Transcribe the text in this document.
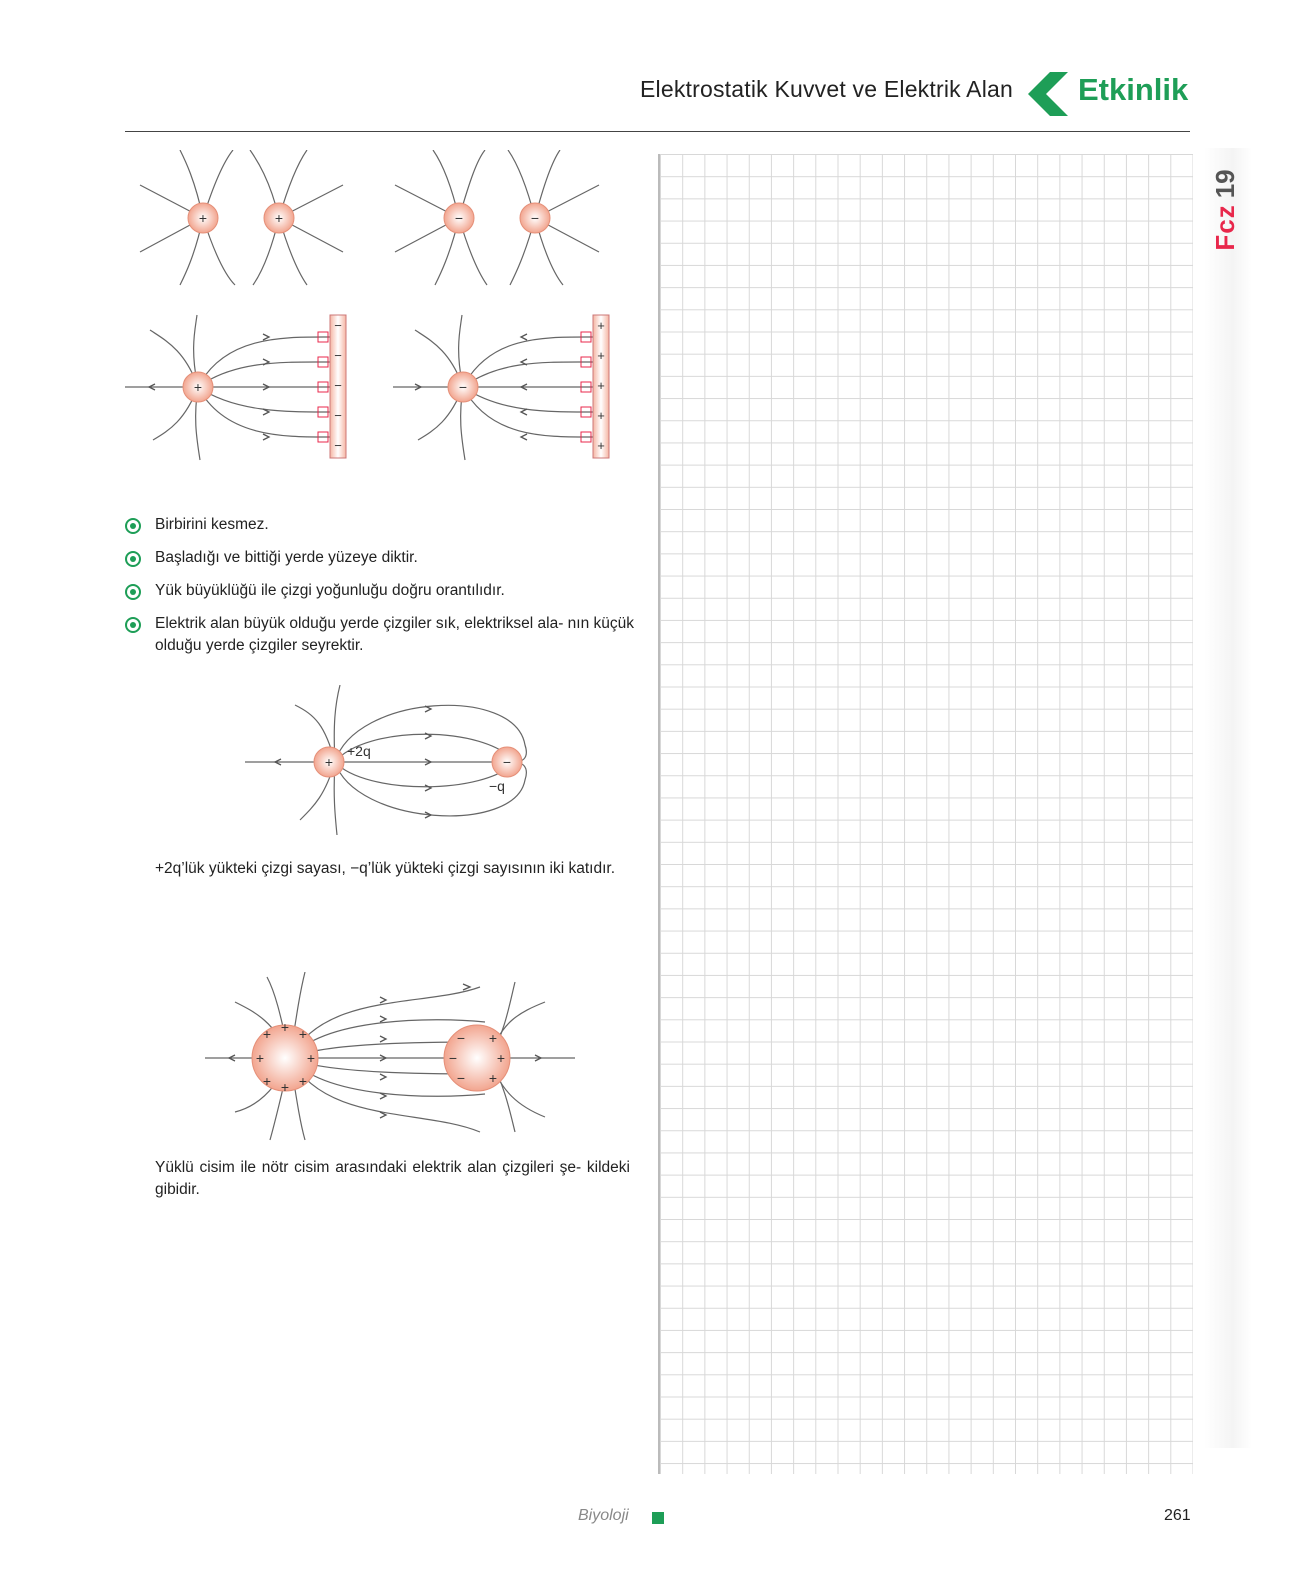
Elektrostatik Kuvvet ve Elektrik Alan Etkinlik
Fcz
19
+	+	−	−
+	−
−
−
−
−
−
+
+
+
+
+
Birbirini kesmez.
Başladığı ve bittiği yerde yüzeye diktir.
Yük büyüklüğü ile çizgi yoğunluğu doğru orantılıdır.
Elektrik alan büyük olduğu yerde çizgiler sık, elektriksel ala- nın küçük olduğu yerde çizgiler seyrektir.
+	−
+2q
−q
+2q’lük yükteki çizgi sayası, −q’lük yükteki çizgi sayısının iki katıdır.
+
+ +
+	+
+ +
+
− +
−	+
− +
Yüklü cisim ile nötr cisim arasındaki elektrik alan çizgileri şe- kildeki gibidir.
Biyoloji	261
